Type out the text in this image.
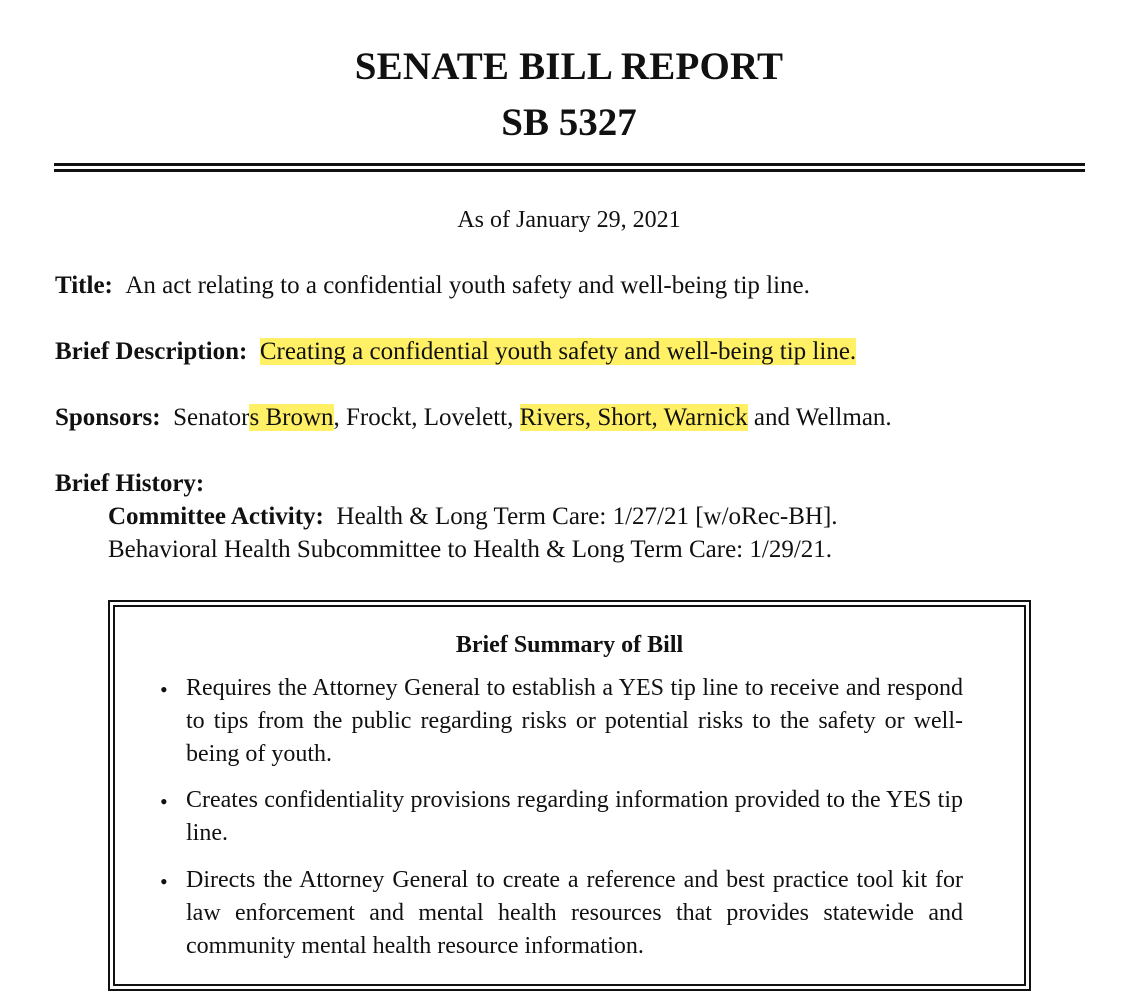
SENATE BILL REPORT
SB 5327
As of January 29, 2021
Title: An act relating to a confidential youth safety and well-being tip line.
Brief Description: Creating a confidential youth safety and well-being tip line.
Sponsors: Senators Brown, Frockt, Lovelett, Rivers, Short, Warnick and Wellman.
Brief History:
Committee Activity: Health & Long Term Care: 1/27/21 [w/oRec-BH].
Behavioral Health Subcommittee to Health & Long Term Care: 1/29/21.
Brief Summary of Bill
• Requires the Attorney General to establish a YES tip line to receive and respond to tips from the public regarding risks or potential risks to the safety or well-being of youth.
• Creates confidentiality provisions regarding information provided to the YES tip line.
• Directs the Attorney General to create a reference and best practice tool kit for law enforcement and mental health resources that provides statewide and community mental health resource information.
